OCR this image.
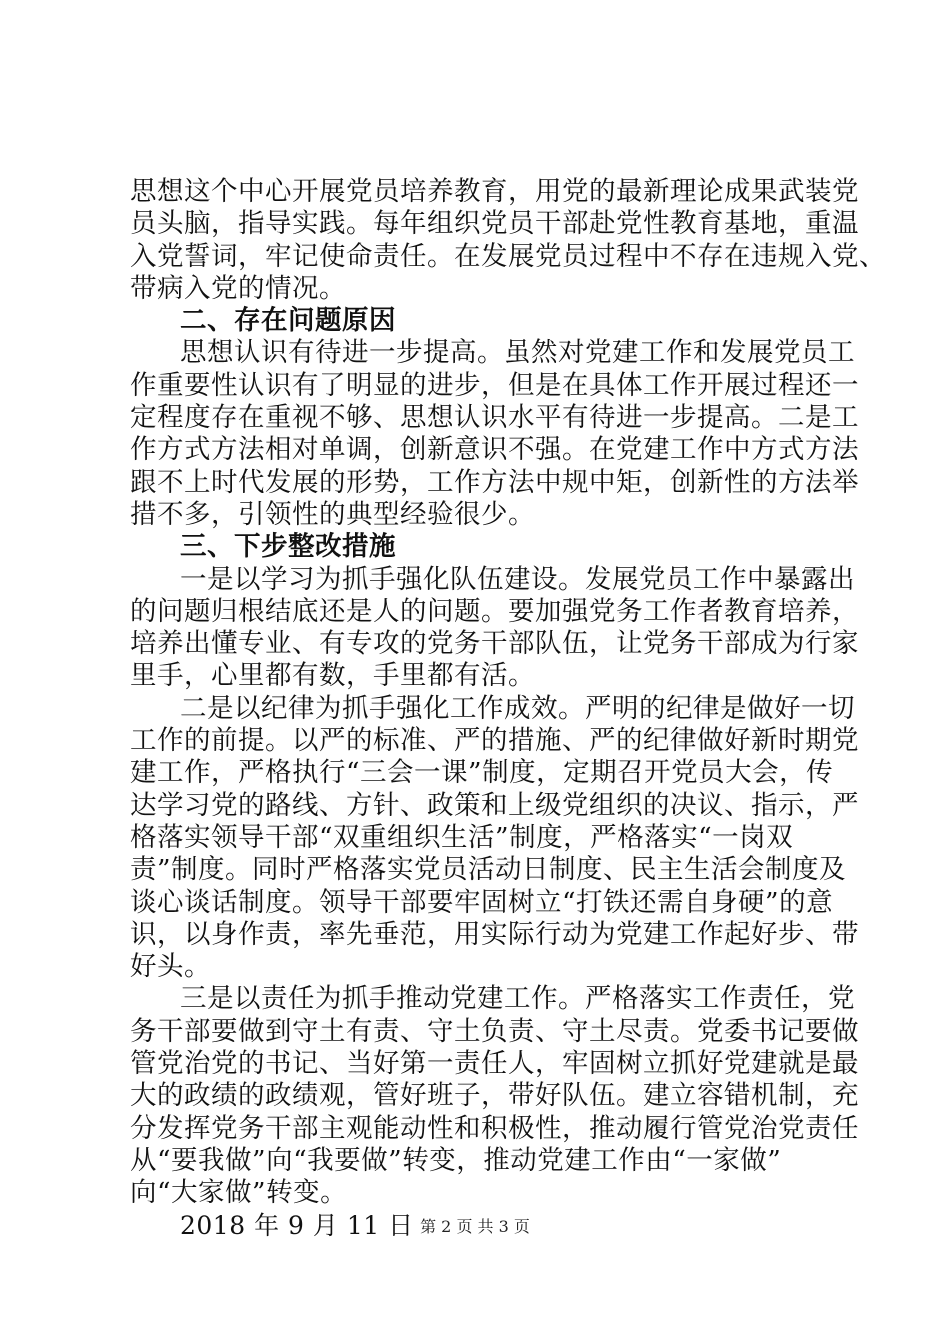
思想这个中心开展党员培养教育，用党的最新理论成果武装党
员头脑，指导实践。每年组织党员干部赴党性教育基地，重温
入党誓词，牢记使命责任。在发展党员过程中不存在违规入党、
带病入党的情况。
二、存在问题原因
思想认识有待进一步提高。虽然对党建工作和发展党员工
作重要性认识有了明显的进步，但是在具体工作开展过程还一
定程度存在重视不够、思想认识水平有待进一步提高。二是工
作方式方法相对单调，创新意识不强。在党建工作中方式方法
跟不上时代发展的形势，工作方法中规中矩，创新性的方法举
措不多，引领性的典型经验很少。
三、下步整改措施
一是以学习为抓手强化队伍建设。发展党员工作中暴露出
的问题归根结底还是人的问题。要加强党务工作者教育培养，
培养出懂专业、有专攻的党务干部队伍，让党务干部成为行家
里手，心里都有数，手里都有活。
二是以纪律为抓手强化工作成效。严明的纪律是做好一切
工作的前提。以严的标准、严的措施、严的纪律做好新时期党
建工作，严格执行“三会一课”制度，定期召开党员大会，传
达学习党的路线、方针、政策和上级党组织的决议、指示，严
格落实领导干部“双重组织生活”制度，严格落实“一岗双
责”制度。同时严格落实党员活动日制度、民主生活会制度及
谈心谈话制度。领导干部要牢固树立“打铁还需自身硬”的意
识，以身作责，率先垂范，用实际行动为党建工作起好步、带
好头。
三是以责任为抓手推动党建工作。严格落实工作责任，党
务干部要做到守土有责、守土负责、守土尽责。党委书记要做
管党治党的书记、当好第一责任人，牢固树立抓好党建就是最
大的政绩的政绩观，管好班子，带好队伍。建立容错机制，充
分发挥党务干部主观能动性和积极性，推动履行管党治党责任
从“要我做”向“我要做”转变，推动党建工作由“一家做”
向“大家做”转变。
2018 年 9 月 11 日 第 2 页 共 3 页
